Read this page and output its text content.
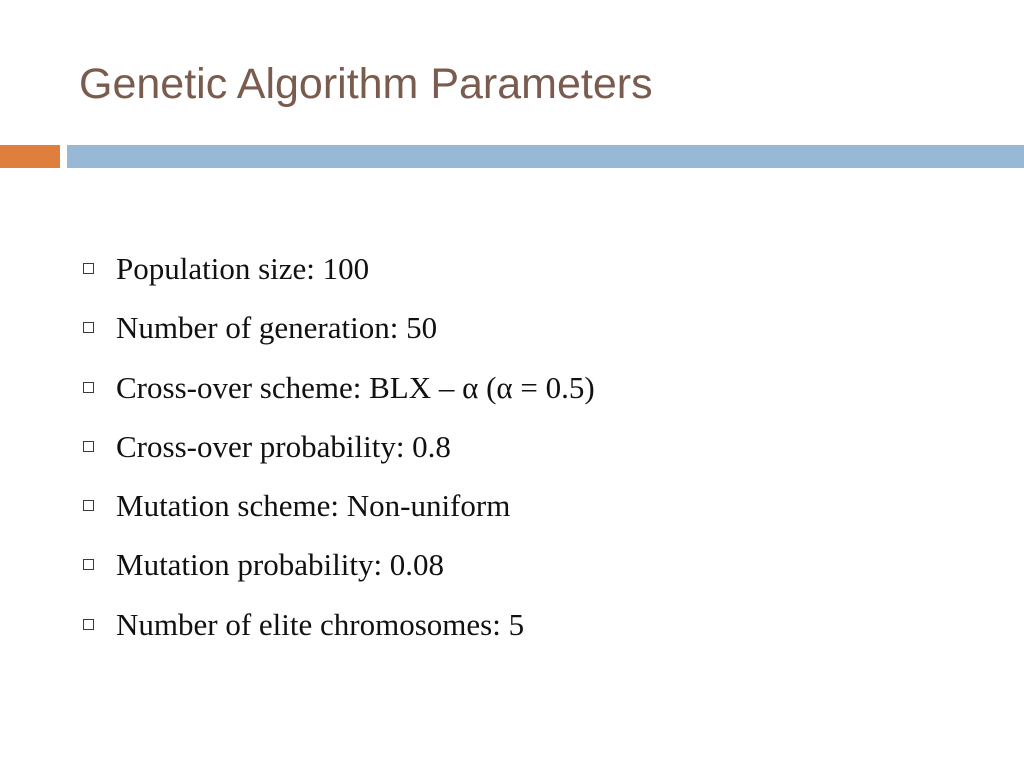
Genetic Algorithm Parameters
Population size: 100
Number of generation: 50
Cross-over scheme: BLX – α (α = 0.5)
Cross-over probability: 0.8
Mutation scheme: Non-uniform
Mutation probability: 0.08
Number of elite chromosomes: 5
